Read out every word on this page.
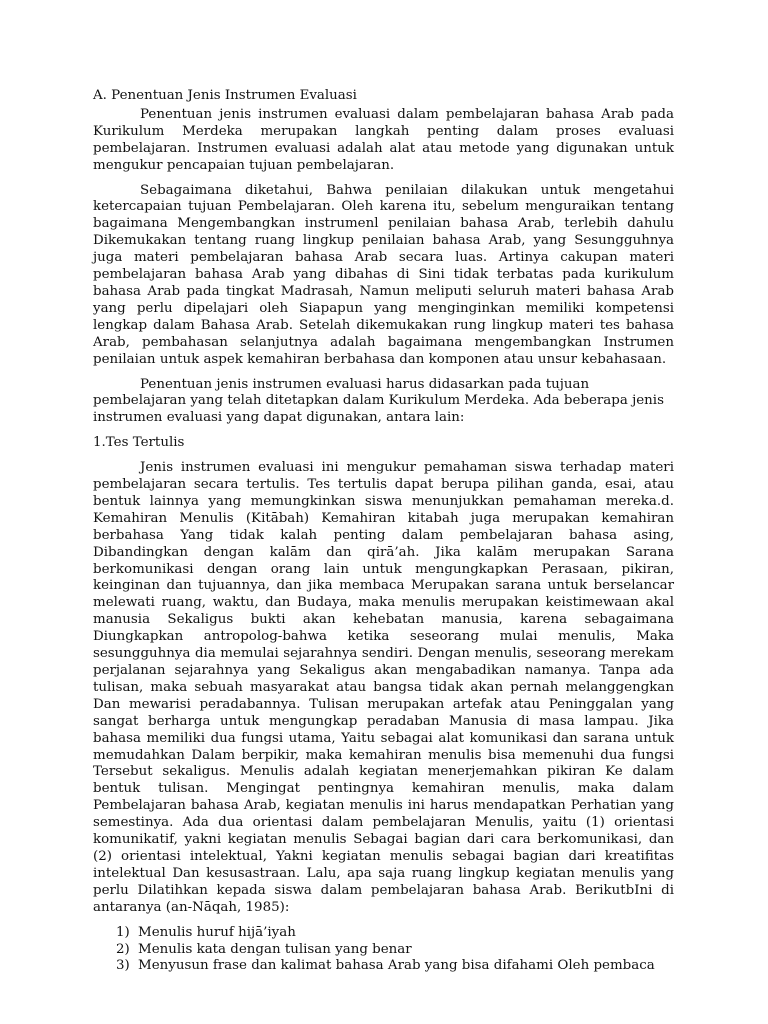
A. Penentuan Jenis Instrumen Evaluasi

Penentuan jenis instrumen evaluasi dalam pembelajaran bahasa Arab pada Kurikulum Merdeka merupakan langkah penting dalam proses evaluasi pembelajaran. Instrumen evaluasi adalah alat atau metode yang digunakan untuk mengukur pencapaian tujuan pembelajaran.

Sebagaimana diketahui, Bahwa penilaian dilakukan untuk mengetahui ketercapaian tujuan Pembelajaran. Oleh karena itu, sebelum menguraikan tentang bagaimana Mengembangkan instrumenl penilaian bahasa Arab, terlebih dahulu Dikemukakan tentang ruang lingkup penilaian bahasa Arab, yang Sesungguhnya juga materi pembelajaran bahasa Arab secara luas. Artinya cakupan materi pembelajaran bahasa Arab yang dibahas di Sini tidak terbatas pada kurikulum bahasa Arab pada tingkat Madrasah, Namun meliputi seluruh materi bahasa Arab yang perlu dipelajari oleh Siapapun yang menginginkan memiliki kompetensi lengkap dalam Bahasa Arab. Setelah dikemukakan rung lingkup materi tes bahasa Arab, pembahasan selanjutnya adalah bagaimana mengembangkan Instrumen penilaian untuk aspek kemahiran berbahasa dan komponen atau unsur kebahasaan.

Penentuan jenis instrumen evaluasi harus didasarkan pada tujuan pembelajaran yang telah ditetapkan dalam Kurikulum Merdeka. Ada beberapa jenis instrumen evaluasi yang dapat digunakan, antara lain:

1.Tes Tertulis

Jenis instrumen evaluasi ini mengukur pemahaman siswa terhadap materi pembelajaran secara tertulis. Tes tertulis dapat berupa pilihan ganda, esai, atau bentuk lainnya yang memungkinkan siswa menunjukkan pemahaman mereka.d. Kemahiran Menulis (Kitābah) Kemahiran kitabah juga merupakan kemahiran berbahasa Yang tidak kalah penting dalam pembelajaran bahasa asing, Dibandingkan dengan kalām dan qirā’ah. Jika kalām merupakan Sarana berkomunikasi dengan orang lain untuk mengungkapkan Perasaan, pikiran, keinginan dan tujuannya, dan jika membaca Merupakan sarana untuk berselancar melewati ruang, waktu, dan Budaya, maka menulis merupakan keistimewaan akal manusia Sekaligus bukti akan kehebatan manusia, karena sebagaimana Diungkapkan antropolog-bahwa ketika seseorang mulai menulis, Maka sesungguhnya dia memulai sejarahnya sendiri. Dengan menulis, seseorang merekam perjalanan sejarahnya yang Sekaligus akan mengabadikan namanya. Tanpa ada tulisan, maka sebuah masyarakat atau bangsa tidak akan pernah melanggengkan Dan mewarisi peradabannya. Tulisan merupakan artefak atau Peninggalan yang sangat berharga untuk mengungkap peradaban Manusia di masa lampau. Jika bahasa memiliki dua fungsi utama, Yaitu sebagai alat komunikasi dan sarana untuk memudahkan Dalam berpikir, maka kemahiran menulis bisa memenuhi dua fungsi Tersebut sekaligus. Menulis adalah kegiatan menerjemahkan pikiran Ke dalam bentuk tulisan. Mengingat pentingnya kemahiran menulis, maka dalam Pembelajaran bahasa Arab, kegiatan menulis ini harus mendapatkan Perhatian yang semestinya. Ada dua orientasi dalam pembelajaran Menulis, yaitu (1) orientasi komunikatif, yakni kegiatan menulis Sebagai bagian dari cara berkomunikasi, dan (2) orientasi intelektual, Yakni kegiatan menulis sebagai bagian dari kreatifitas intelektual Dan kesusastraan. Lalu, apa saja ruang lingkup kegiatan menulis yang perlu Dilatihkan kepada siswa dalam pembelajaran bahasa Arab. BerikutbIni di antaranya (an-Nāqah, 1985):

1) Menulis huruf hijā’iyah
2) Menulis kata dengan tulisan yang benar
3) Menyusun frase dan kalimat bahasa Arab yang bisa difahami Oleh pembaca
